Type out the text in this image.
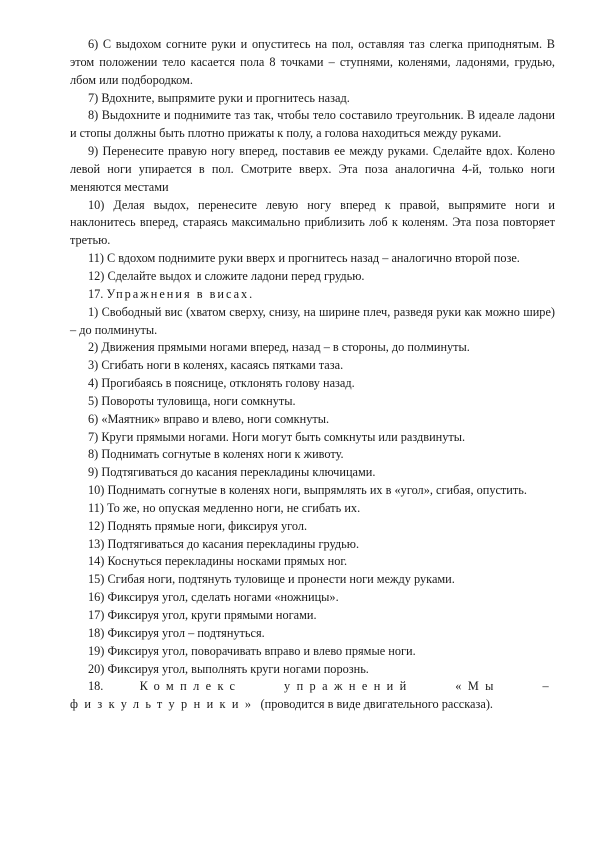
6) С выдохом согните руки и опуститесь на пол, оставляя таз слегка приподнятым. В этом положении тело касается пола 8 точками – ступнями, коленями, ладонями, грудью, лбом или подбородком.

7) Вдохните, выпрямите руки и прогнитесь назад.

8) Выдохните и поднимите таз так, чтобы тело составило треугольник. В идеале ладони и стопы должны быть плотно прижаты к полу, а голова находиться между руками.

9) Перенесите правую ногу вперед, поставив ее между руками. Сделайте вдох. Колено левой ноги упирается в пол. Смотрите вверх. Эта поза аналогична 4-й, только ноги меняются местами

10) Делая выдох, перенесите левую ногу вперед к правой, выпрямите ноги и наклонитесь вперед, стараясь максимально приблизить лоб к коленям. Эта поза повторяет третью.

11) С вдохом поднимите руки вверх и прогнитесь назад – аналогично второй позе.

12) Сделайте выдох и сложите ладони перед грудью.

17. Упражнения в висах.

1) Свободный вис (хватом сверху, снизу, на ширине плеч, разведя руки как можно шире) – до полминуты.

2) Движения прямыми ногами вперед, назад – в стороны, до полминуты.

3) Сгибать ноги в коленях, касаясь пятками таза.

4) Прогибаясь в пояснице, отклонять голову назад.

5) Повороты туловища, ноги сомкнуты.

6) «Маятник» вправо и влево, ноги сомкнуты.

7) Круги прямыми ногами. Ноги могут быть сомкнуты или раздвинуты.

8) Поднимать согнутые в коленях ноги к животу.

9) Подтягиваться до касания перекладины ключицами.

10) Поднимать согнутые в коленях ноги, выпрямлять их в «угол», сгибая, опустить.

11) То же, но опуская медленно ноги, не сгибать их.

12) Поднять прямые ноги, фиксируя угол.

13) Подтягиваться до касания перекладины грудью.

14) Коснуться перекладины носками прямых ног.

15) Сгибая ноги, подтянуть туловище и пронести ноги между руками.

16) Фиксируя угол, сделать ногами «ножницы».

17) Фиксируя угол, круги прямыми ногами.

18) Фиксируя угол – подтянуться.

19) Фиксируя угол, поворачивать вправо и влево прямые ноги.

20) Фиксируя угол, выполнять круги ногами порознь.

18.	Комплекс упражнений «Мы – физкультурники» (проводится в виде двигательного рассказа).
